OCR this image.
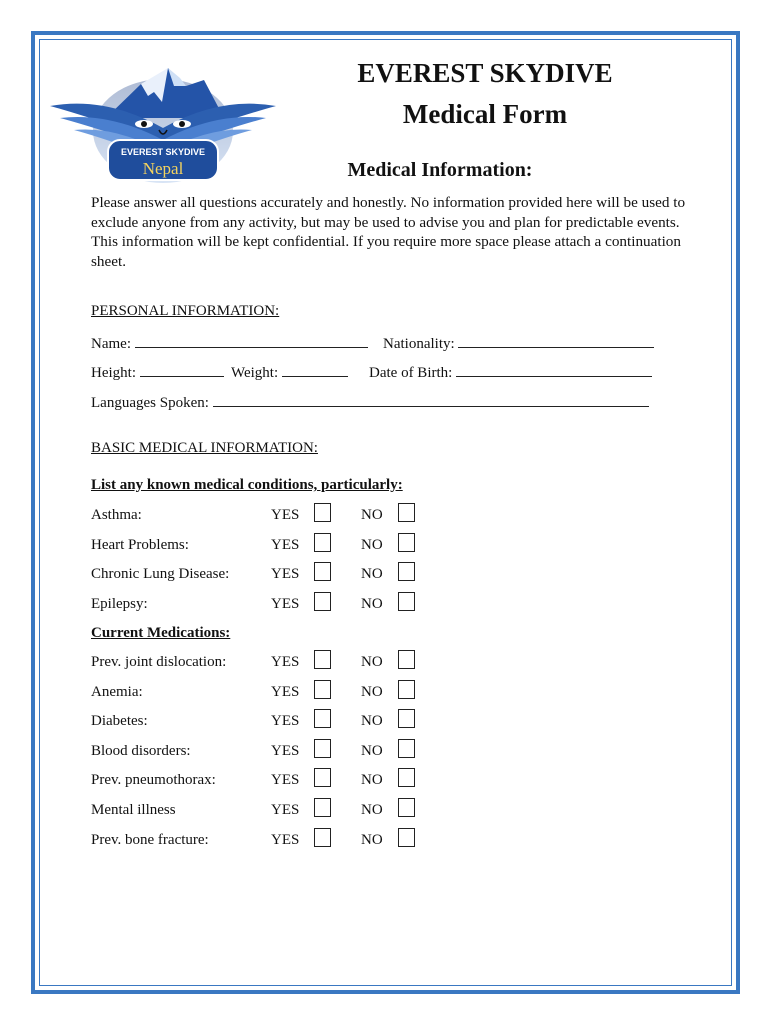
EVEREST SKYDIVE
Nepal
EVEREST SKYDIVE
Medical Form
Medical Information:
Please answer all questions accurately and honestly. No information provided here will be used to exclude anyone from any activity, but may be used to advise you and plan for predictable events. This information will be kept confidential. If you require more space please attach a continuation sheet.
PERSONAL INFORMATION:
Name:	Nationality:
Height:	Weight:	Date of Birth:
Languages Spoken:
BASIC MEDICAL INFORMATION:
List any known medical conditions, particularly:
Asthma:	YES	NO
Heart Problems:	YES	NO
Chronic Lung Disease:	YES	NO
Epilepsy:	YES	NO
Current Medications:
Prev. joint dislocation:	YES	NO
Anemia:	YES	NO
Diabetes:	YES	NO
Blood disorders:	YES	NO
Prev. pneumothorax:	YES	NO
Mental illness	YES	NO
Prev. bone fracture:	YES	NO
